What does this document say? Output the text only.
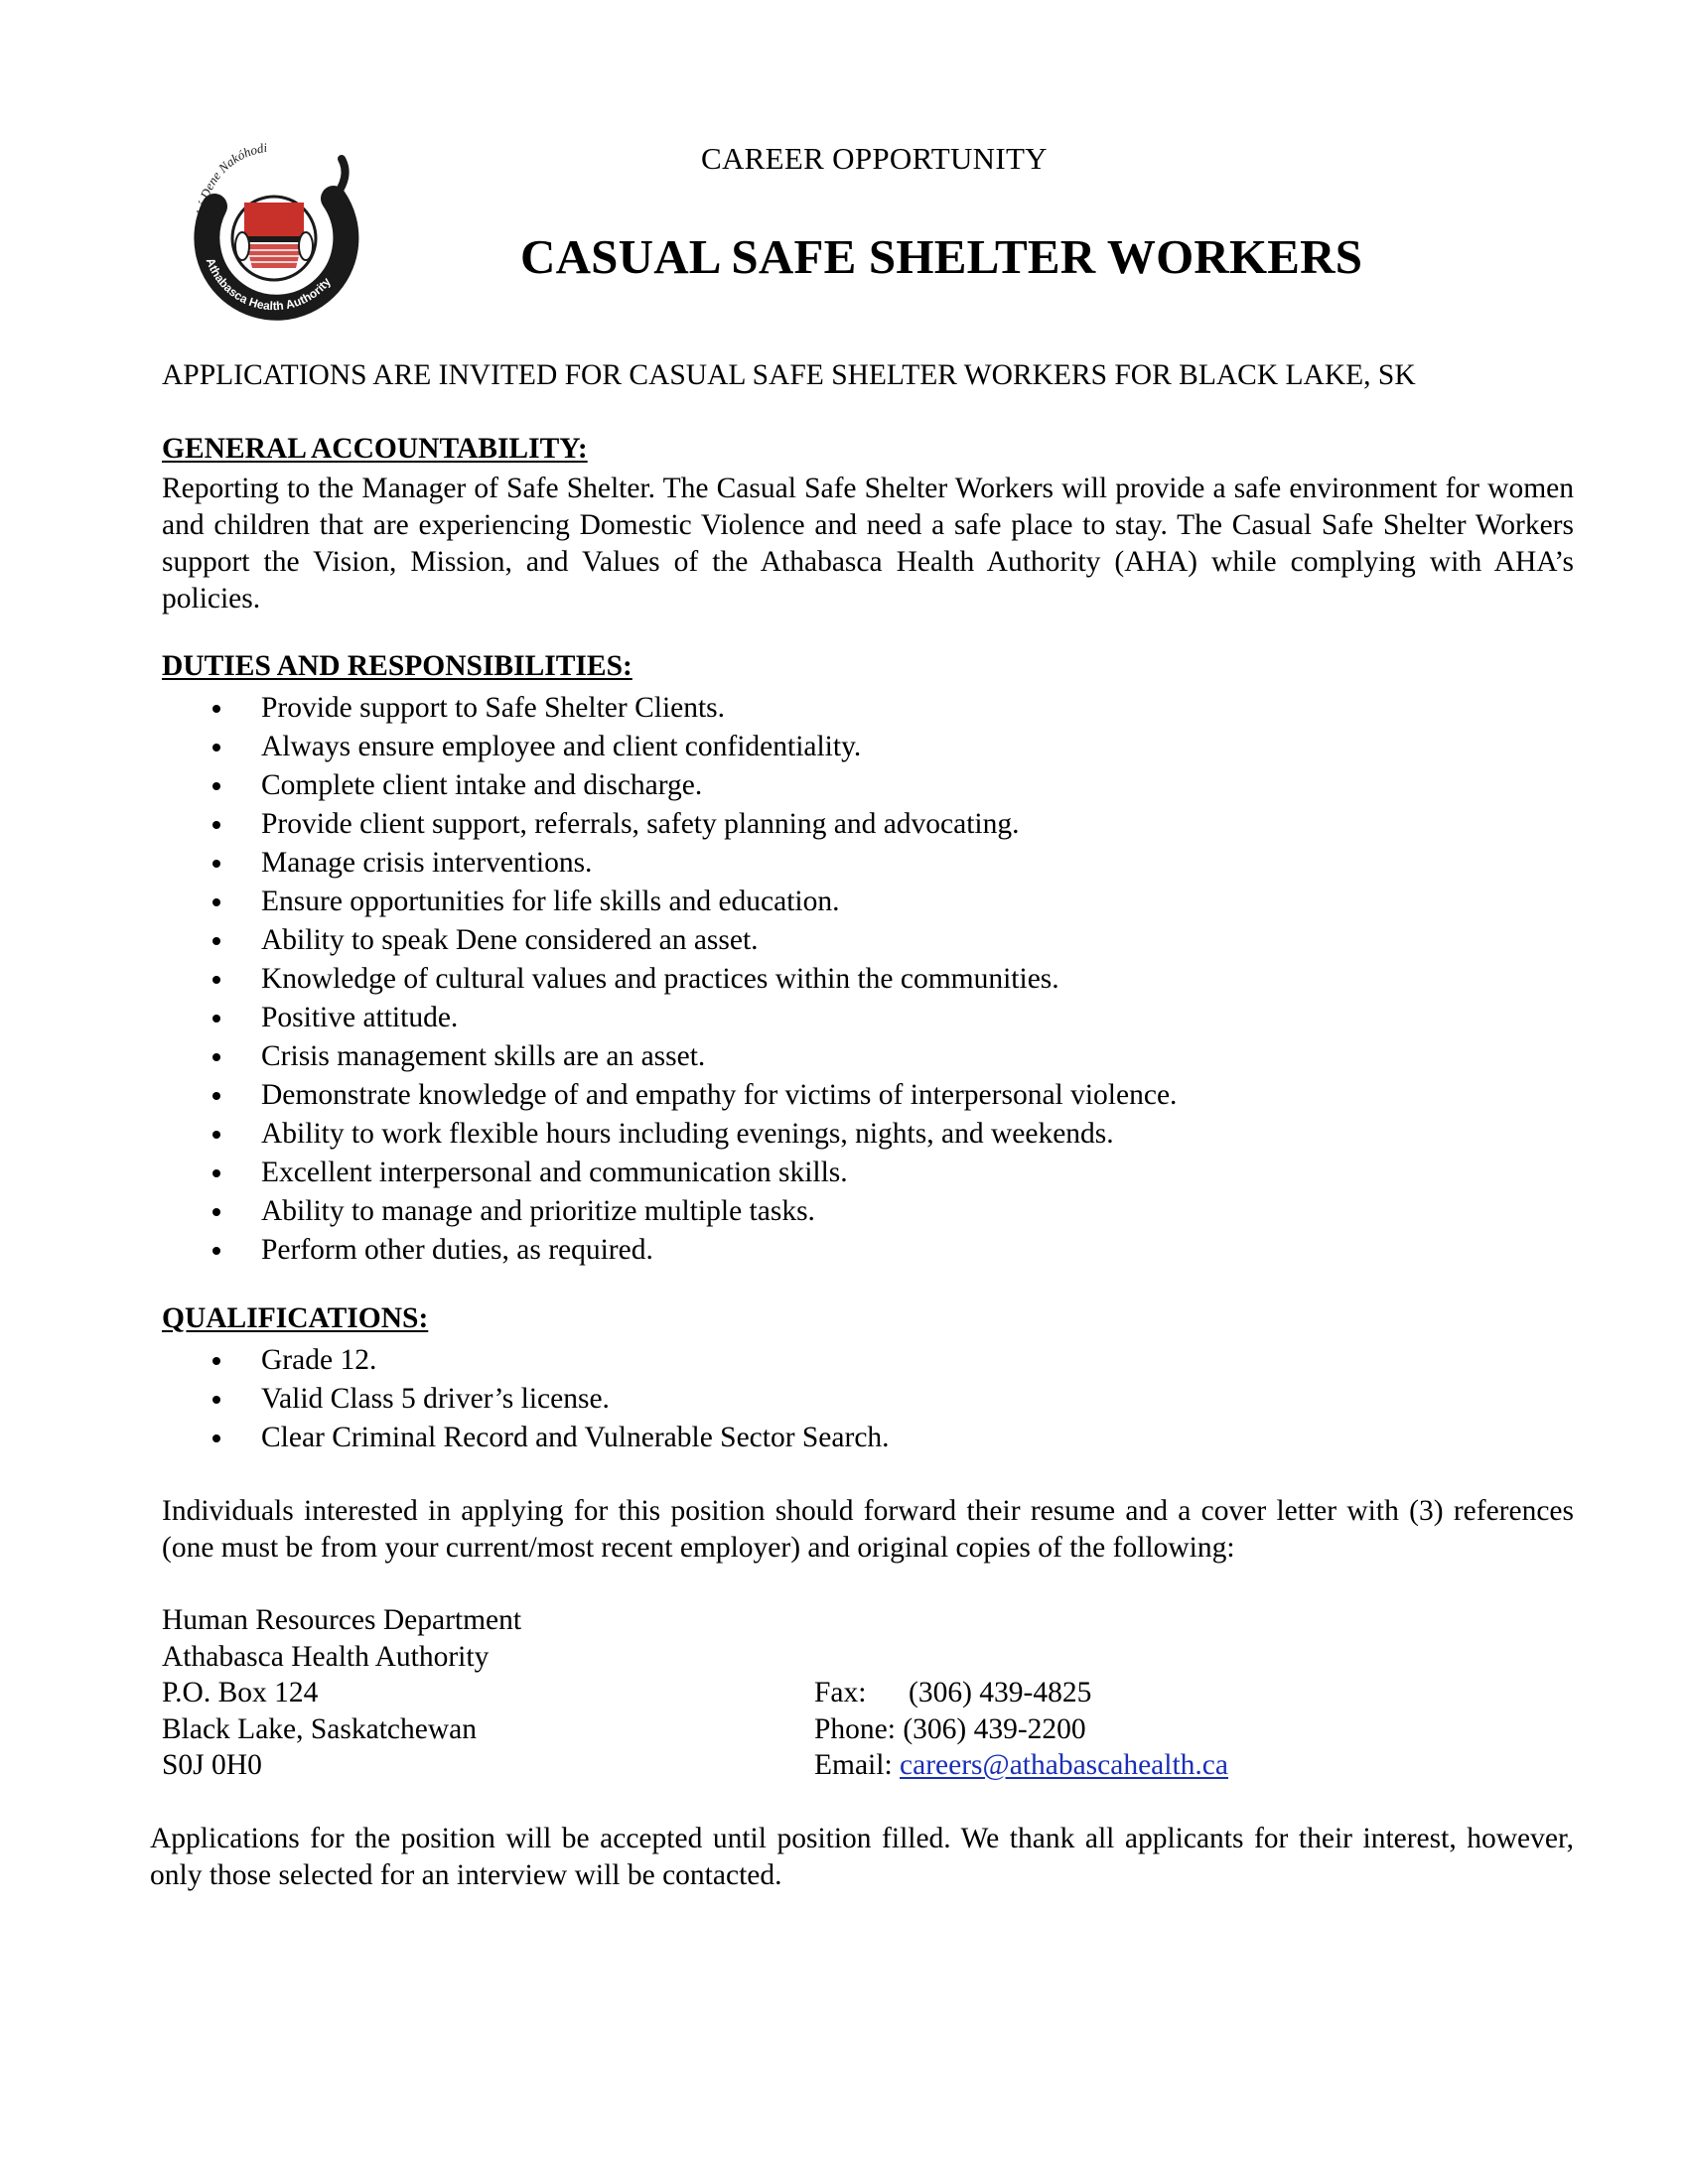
Yutthé Dene Nakóhodi
Athabasca Health Authority
CAREER OPPORTUNITY
CASUAL SAFE SHELTER WORKERS
APPLICATIONS ARE INVITED FOR CASUAL SAFE SHELTER WORKERS FOR BLACK LAKE, SK
GENERAL ACCOUNTABILITY:
Reporting to the Manager of Safe Shelter. The Casual Safe Shelter Workers will provide a safe environment for women and children that are experiencing Domestic Violence and need a safe place to stay. The Casual Safe Shelter Workers support the Vision, Mission, and Values of the Athabasca Health Authority (AHA) while complying with AHA’s policies.
DUTIES AND RESPONSIBILITIES:
Provide support to Safe Shelter Clients.
Always ensure employee and client confidentiality.
Complete client intake and discharge.
Provide client support, referrals, safety planning and advocating.
Manage crisis interventions.
Ensure opportunities for life skills and education.
Ability to speak Dene considered an asset.
Knowledge of cultural values and practices within the communities.
Positive attitude.
Crisis management skills are an asset.
Demonstrate knowledge of and empathy for victims of interpersonal violence.
Ability to work flexible hours including evenings, nights, and weekends.
Excellent interpersonal and communication skills.
Ability to manage and prioritize multiple tasks.
Perform other duties, as required.
QUALIFICATIONS:
Grade 12.
Valid Class 5 driver’s license.
Clear Criminal Record and Vulnerable Sector Search.
Individuals interested in applying for this position should forward their resume and a cover letter with (3) references (one must be from your current/most recent employer) and original copies of the following:
Human Resources Department
Athabasca Health Authority
P.O. Box 124
Black Lake, Saskatchewan
S0J 0H0
Fax: (306) 439-4825
Phone: (306) 439-2200
Email: careers@athabascahealth.ca
Applications for the position will be accepted until position filled. We thank all applicants for their interest, however, only those selected for an interview will be contacted.
